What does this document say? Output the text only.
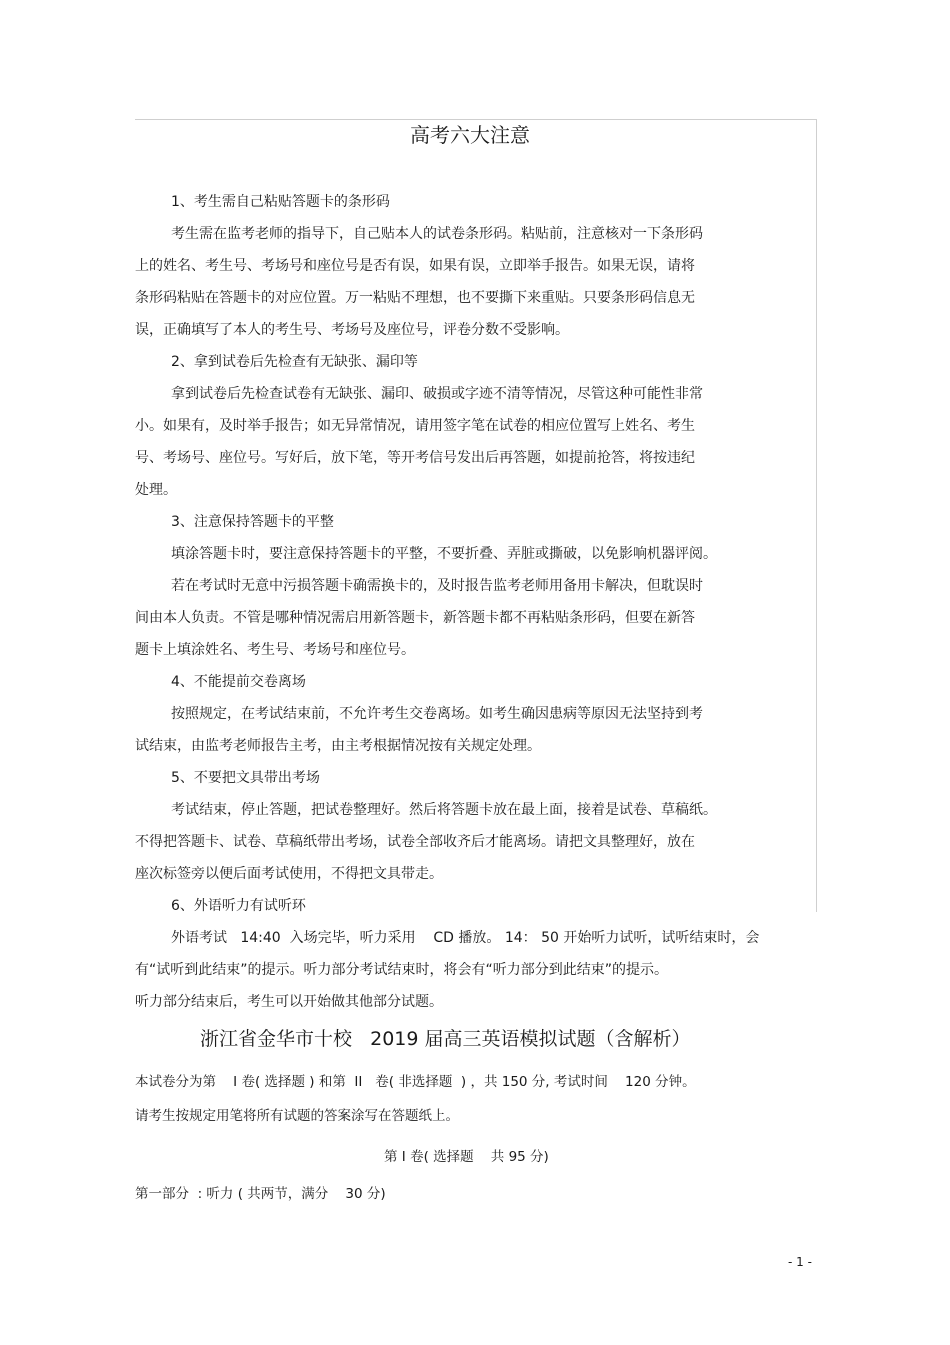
高考六大注意
1、考生需自己粘贴答题卡的条形码
考生需在监考老师的指导下，自己贴本人的试卷条形码。粘贴前，注意核对一下条形码
上的姓名、考生号、考场号和座位号是否有误，如果有误，立即举手报告。如果无误，请将
条形码粘贴在答题卡的对应位置。万一粘贴不理想，也不要撕下来重贴。只要条形码信息无
误，正确填写了本人的考生号、考场号及座位号，评卷分数不受影响。
2、拿到试卷后先检查有无缺张、漏印等
拿到试卷后先检查试卷有无缺张、漏印、破损或字迹不清等情况，尽管这种可能性非常
小。如果有，及时举手报告；如无异常情况，请用签字笔在试卷的相应位置写上姓名、考生
号、考场号、座位号。写好后，放下笔，等开考信号发出后再答题，如提前抢答，将按违纪
处理。
3、注意保持答题卡的平整
填涂答题卡时，要注意保持答题卡的平整，不要折叠、弄脏或撕破，以免影响机器评阅。
若在考试时无意中污损答题卡确需换卡的，及时报告监考老师用备用卡解决，但耽误时
间由本人负责。不管是哪种情况需启用新答题卡，新答题卡都不再粘贴条形码，但要在新答
题卡上填涂姓名、考生号、考场号和座位号。
4、不能提前交卷离场
按照规定，在考试结束前，不允许考生交卷离场。如考生确因患病等原因无法坚持到考
试结束，由监考老师报告主考，由主考根据情况按有关规定处理。
5、不要把文具带出考场
考试结束，停止答题，把试卷整理好。然后将答题卡放在最上面，接着是试卷、草稿纸。
不得把答题卡、试卷、草稿纸带出考场，试卷全部收齐后才能离场。请把文具整理好，放在
座次标签旁以便后面考试使用，不得把文具带走。
6、外语听力有试听环
外语考试   14:40  入场完毕，听力采用    CD 播放。 14： 50 开始听力试听，试听结束时，会
有“试听到此结束”的提示。听力部分考试结束时，将会有“听力部分到此结束”的提示。
听力部分结束后，考生可以开始做其他部分试题。
浙江省金华市十校   2019 届高三英语模拟试题（含解析）
本试卷分为第    I 卷( 选择题 ) 和第  II   卷( 非选择题  ) ，共 150 分, 考试时间    120 分钟。
请考生按规定用笔将所有试题的答案涂写在答题纸上。
第 I 卷( 选择题    共 95 分)
第一部分  : 听力 ( 共两节，满分    30 分)
- 1 -
